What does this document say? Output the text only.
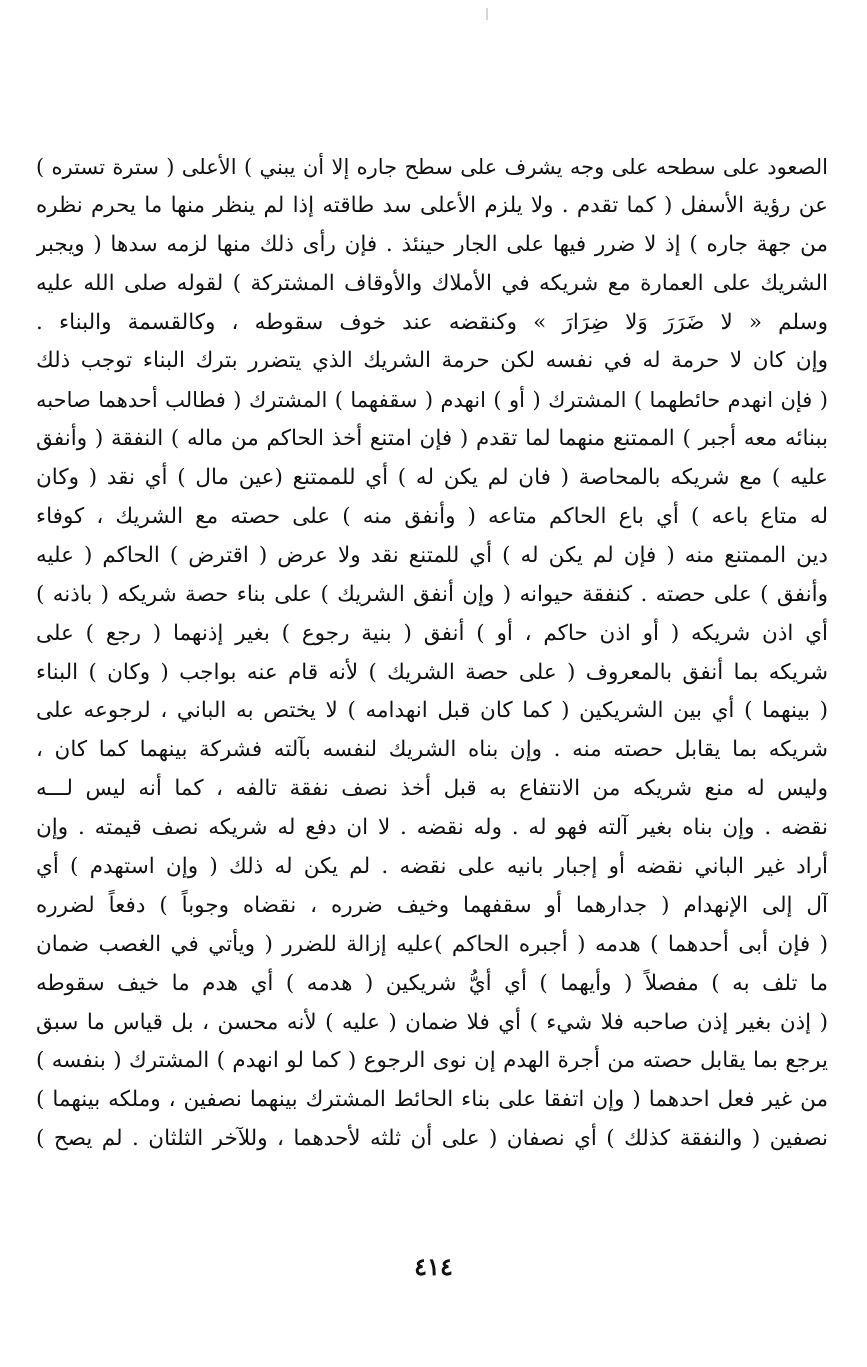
الصعود على سطحه على وجه يشرف على سطح جاره إلا أن يبني ) الأعلى ( سترة تستره )
عن رؤية الأسفل ( كما تقدم . ولا يلزم الأعلى سد طاقته إذا لم ينظر منها ما يحرم نظره
من جهة جاره ) إذ لا ضرر فيها على الجار حينئذ . فإن رأى ذلك منها لزمه سدها ( ويجبر
الشريك على العمارة مع شريكه في الأملاك والأوقاف المشتركة ) لقوله صلى الله عليه
وسلم « لا ضَرَرَ وَلا ضِرَارَ » وكنقضه عند خوف سقوطه ، وكالقسمة والبناء .
وإن كان لا حرمة له في نفسه لكن حرمة الشريك الذي يتضرر بترك البناء توجب ذلك
( فإن انهدم حائطهما ) المشترك ( أو ) انهدم ( سقفهما ) المشترك ( فطالب أحدهما صاحبه
ببنائه معه أجبر ) الممتنع منهما لما تقدم ( فإن امتنع أخذ الحاكم من ماله ) النفقة ( وأنفق
عليه ) مع شريكه بالمحاصة ( فان لم يكن له ) أي للممتنع (عين مال ) أي نقد ( وكان
له متاع باعه ) أي باع الحاكم متاعه ( وأنفق منه ) على حصته مع الشريك ، كوفاء
دين الممتنع منه ( فإن لم يكن له ) أي للمتنع نقد ولا عرض ( اقترض ) الحاكم ( عليه
وأنفق ) على حصته . كنفقة حيوانه ( وإن أنفق الشريك ) على بناء حصة شريكه ( باذنه )
أي اذن شريكه ( أو اذن حاكم ، أو ) أنفق ( بنية رجوع ) بغير إذنهما ( رجع ) على
شريكه بما أنفق بالمعروف ( على حصة الشريك ) لأنه قام عنه بواجب ( وكان ) البناء
( بينهما ) أي بين الشريكين ( كما كان قبل انهدامه ) لا يختص به الباني ، لرجوعه على
شريكه بما يقابل حصته منه . وإن بناه الشريك لنفسه بآلته فشركة بينهما كما كان ،
وليس له منع شريكه من الانتفاع به قبل أخذ نصف نفقة تالفه ، كما أنه ليس لـــه
نقضه . وإن بناه بغير آلته فهو له . وله نقضه . لا ان دفع له شريكه نصف قيمته . وإن
أراد غير الباني نقضه أو إجبار بانيه على نقضه . لم يكن له ذلك ( وإن استهدم ) أي
آل إلى الإنهدام ( جدارهما أو سقفهما وخيف ضرره ، نقضاه وجوباً ) دفعاً لضرره
( فإن أبى أحدهما ) هدمه ( أجبره الحاكم )عليه إزالة للضرر ( ويأتي في الغصب ضمان
ما تلف به ) مفصلاً ( وأيهما ) أي أيُّ شريكين ( هدمه ) أي هدم ما خيف سقوطه
( إذن بغير إذن صاحبه فلا شيء ) أي فلا ضمان ( عليه ) لأنه محسن ، بل قياس ما سبق
يرجع بما يقابل حصته من أجرة الهدم إن نوى الرجوع ( كما لو انهدم ) المشترك ( بنفسه )
من غير فعل احدهما ( وإن اتفقا على بناء الحائط المشترك بينهما نصفين ، وملكه بينهما )
نصفين ( والنفقة كذلك ) أي نصفان ( على أن ثلثه لأحدهما ، وللآخر الثلثان . لم يصح )
٤١٤
